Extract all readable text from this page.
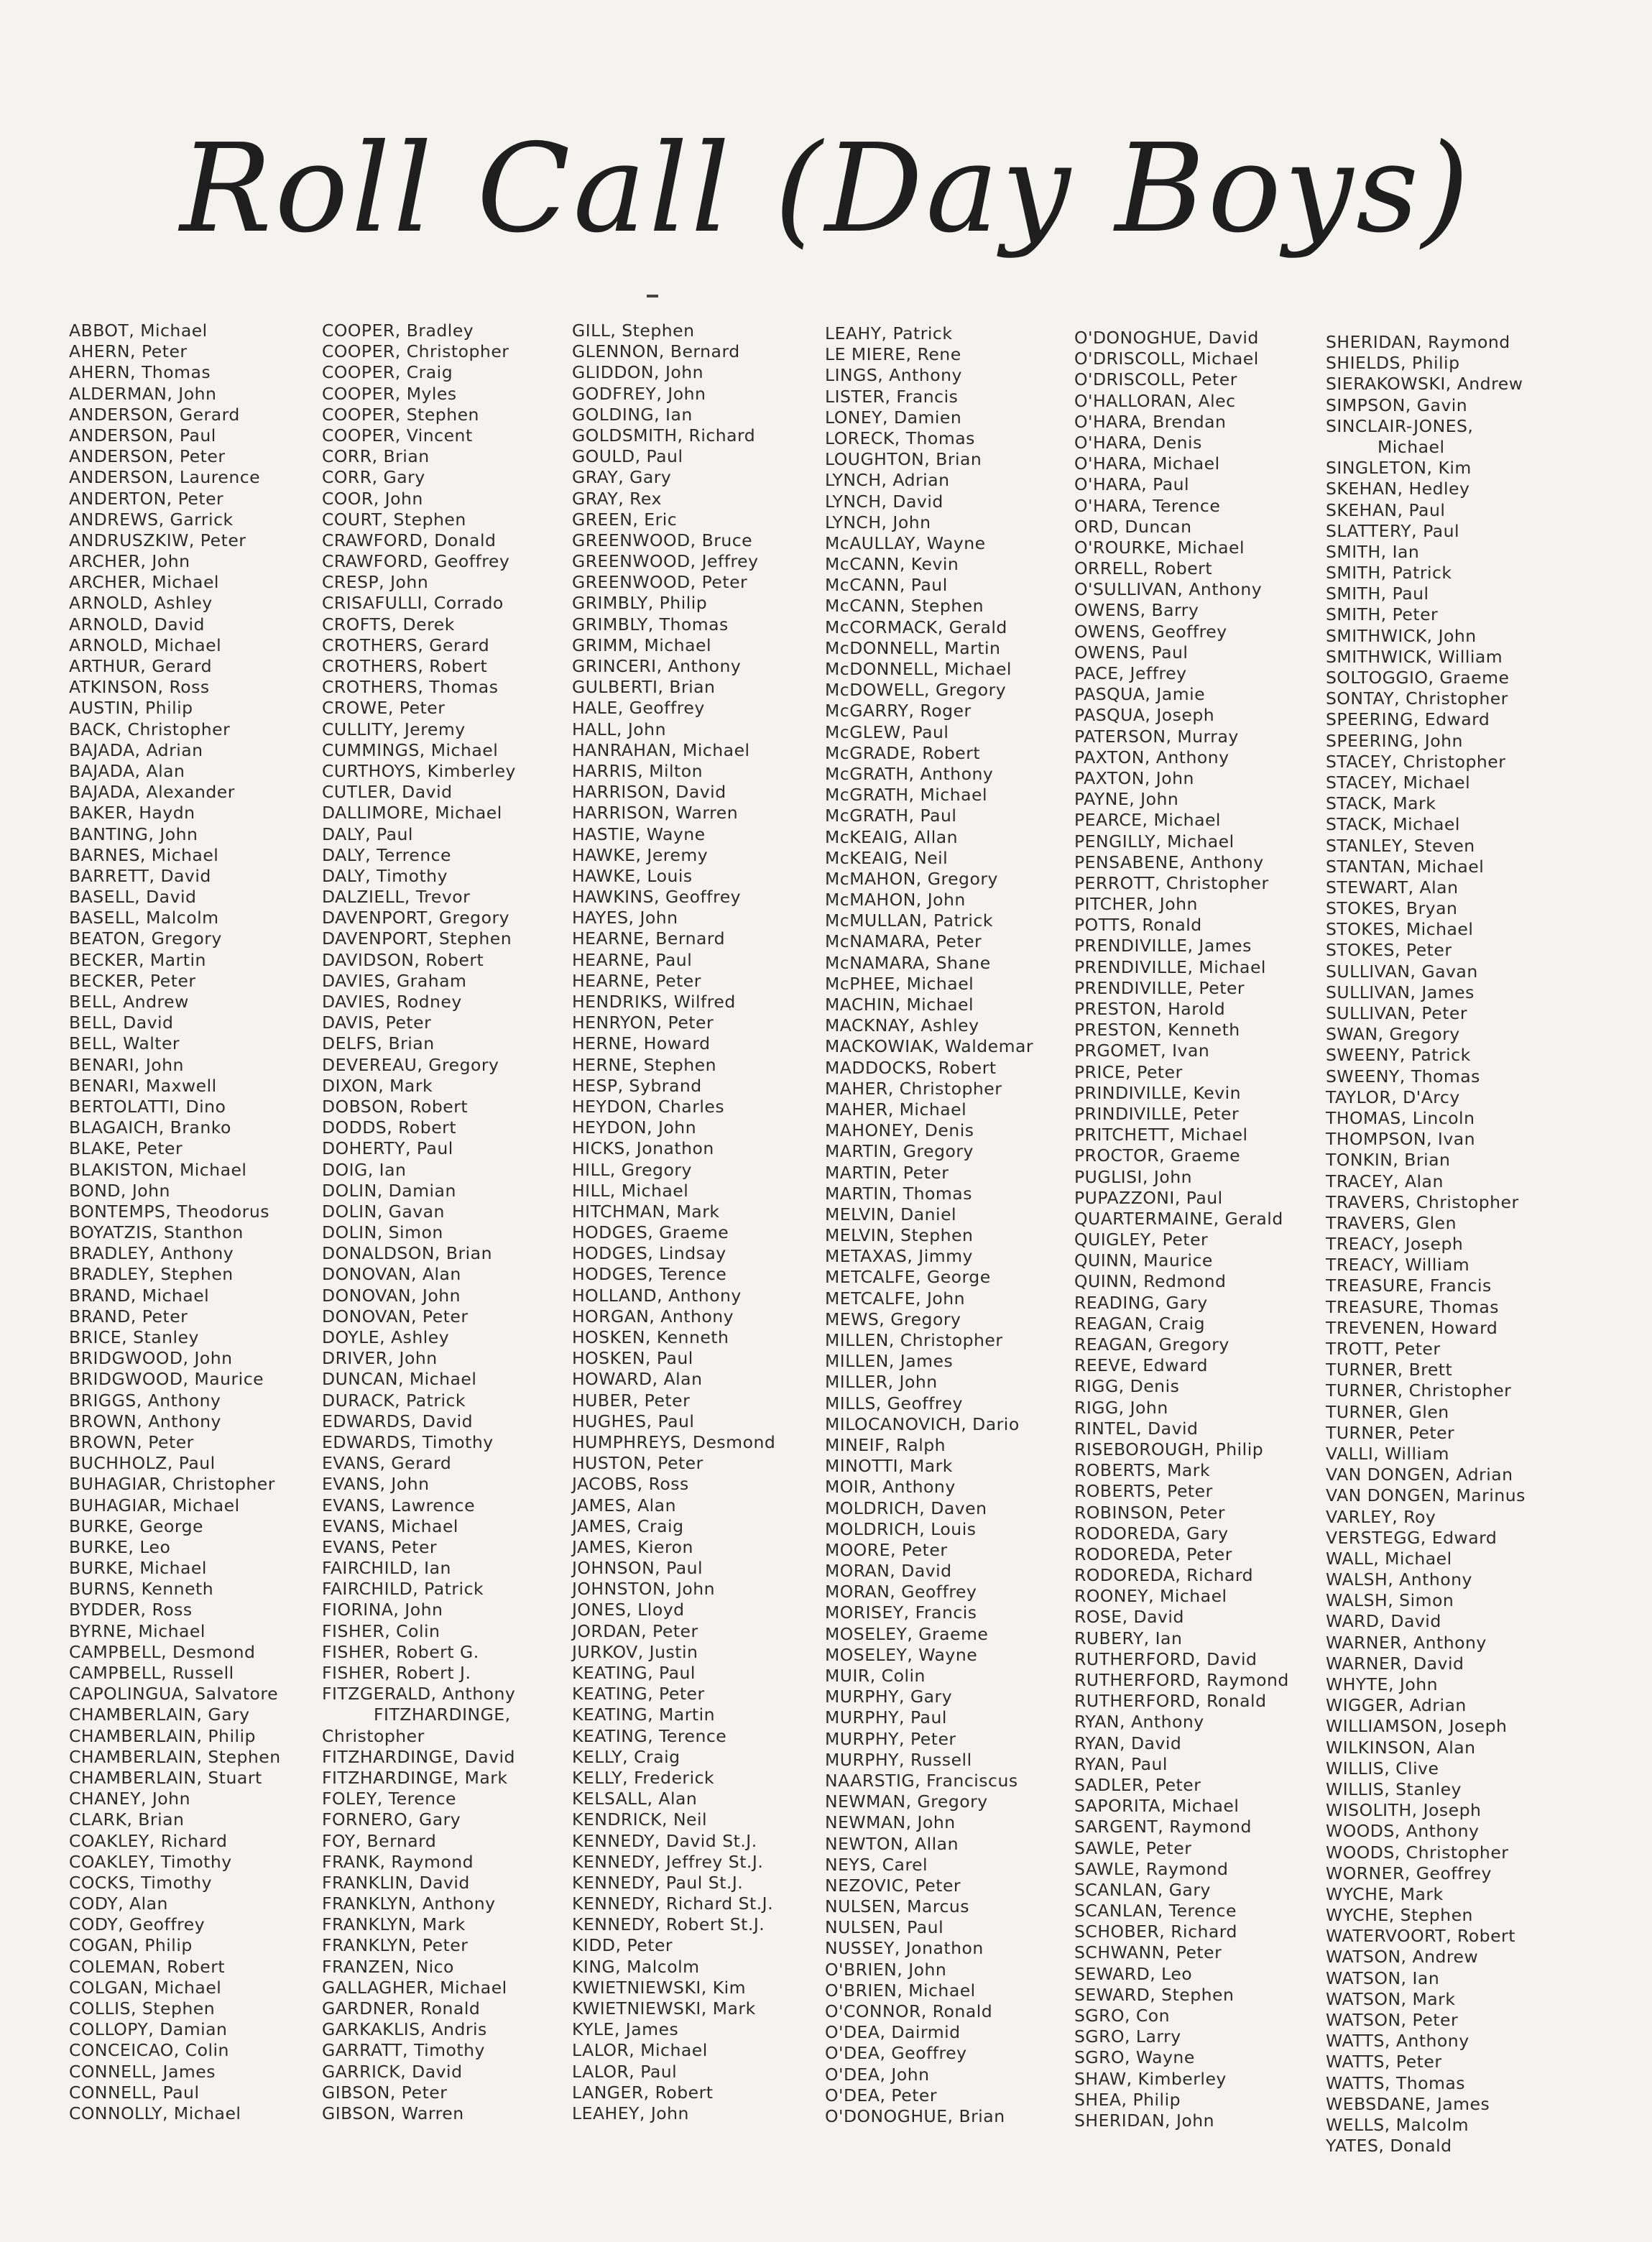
Roll Call (Day Boys)
ABBOT, Michael
AHERN, Peter
AHERN, Thomas
ALDERMAN, John
ANDERSON, Gerard
ANDERSON, Paul
ANDERSON, Peter
ANDERSON, Laurence
ANDERTON, Peter
ANDREWS, Garrick
ANDRUSZKIW, Peter
ARCHER, John
ARCHER, Michael
ARNOLD, Ashley
ARNOLD, David
ARNOLD, Michael
ARTHUR, Gerard
ATKINSON, Ross
AUSTIN, Philip
BACK, Christopher
BAJADA, Adrian
BAJADA, Alan
BAJADA, Alexander
BAKER, Haydn
BANTING, John
BARNES, Michael
BARRETT, David
BASELL, David
BASELL, Malcolm
BEATON, Gregory
BECKER, Martin
BECKER, Peter
BELL, Andrew
BELL, David
BELL, Walter
BENARI, John
BENARI, Maxwell
BERTOLATTI, Dino
BLAGAICH, Branko
BLAKE, Peter
BLAKISTON, Michael
BOND, John
BONTEMPS, Theodorus
BOYATZIS, Stanthon
BRADLEY, Anthony
BRADLEY, Stephen
BRAND, Michael
BRAND, Peter
BRICE, Stanley
BRIDGWOOD, John
BRIDGWOOD, Maurice
BRIGGS, Anthony
BROWN, Anthony
BROWN, Peter
BUCHHOLZ, Paul
BUHAGIAR, Christopher
BUHAGIAR, Michael
BURKE, George
BURKE, Leo
BURKE, Michael
BURNS, Kenneth
BYDDER, Ross
BYRNE, Michael
CAMPBELL, Desmond
CAMPBELL, Russell
CAPOLINGUA, Salvatore
CHAMBERLAIN, Gary
CHAMBERLAIN, Philip
CHAMBERLAIN, Stephen
CHAMBERLAIN, Stuart
CHANEY, John
CLARK, Brian
COAKLEY, Richard
COAKLEY, Timothy
COCKS, Timothy
CODY, Alan
CODY, Geoffrey
COGAN, Philip
COLEMAN, Robert
COLGAN, Michael
COLLIS, Stephen
COLLOPY, Damian
CONCEICAO, Colin
CONNELL, James
CONNELL, Paul
CONNOLLY, Michael
COOPER, Bradley
COOPER, Christopher
COOPER, Craig
COOPER, Myles
COOPER, Stephen
COOPER, Vincent
CORR, Brian
CORR, Gary
COOR, John
COURT, Stephen
CRAWFORD, Donald
CRAWFORD, Geoffrey
CRESP, John
CRISAFULLI, Corrado
CROFTS, Derek
CROTHERS, Gerard
CROTHERS, Robert
CROTHERS, Thomas
CROWE, Peter
CULLITY, Jeremy
CUMMINGS, Michael
CURTHOYS, Kimberley
CUTLER, David
DALLIMORE, Michael
DALY, Paul
DALY, Terrence
DALY, Timothy
DALZIELL, Trevor
DAVENPORT, Gregory
DAVENPORT, Stephen
DAVIDSON, Robert
DAVIES, Graham
DAVIES, Rodney
DAVIS, Peter
DELFS, Brian
DEVEREAU, Gregory
DIXON, Mark
DOBSON, Robert
DODDS, Robert
DOHERTY, Paul
DOIG, Ian
DOLIN, Damian
DOLIN, Gavan
DOLIN, Simon
DONALDSON, Brian
DONOVAN, Alan
DONOVAN, John
DONOVAN, Peter
DOYLE, Ashley
DRIVER, John
DUNCAN, Michael
DURACK, Patrick
EDWARDS, David
EDWARDS, Timothy
EVANS, Gerard
EVANS, John
EVANS, Lawrence
EVANS, Michael
EVANS, Peter
FAIRCHILD, Ian
FAIRCHILD, Patrick
FIORINA, John
FISHER, Colin
FISHER, Robert G.
FISHER, Robert J.
FITZGERALD, Anthony
FITZHARDINGE,
Christopher
FITZHARDINGE, David
FITZHARDINGE, Mark
FOLEY, Terence
FORNERO, Gary
FOY, Bernard
FRANK, Raymond
FRANKLIN, David
FRANKLYN, Anthony
FRANKLYN, Mark
FRANKLYN, Peter
FRANZEN, Nico
GALLAGHER, Michael
GARDNER, Ronald
GARKAKLIS, Andris
GARRATT, Timothy
GARRICK, David
GIBSON, Peter
GIBSON, Warren
GILL, Stephen
GLENNON, Bernard
GLIDDON, John
GODFREY, John
GOLDING, Ian
GOLDSMITH, Richard
GOULD, Paul
GRAY, Gary
GRAY, Rex
GREEN, Eric
GREENWOOD, Bruce
GREENWOOD, Jeffrey
GREENWOOD, Peter
GRIMBLY, Philip
GRIMBLY, Thomas
GRIMM, Michael
GRINCERI, Anthony
GULBERTI, Brian
HALE, Geoffrey
HALL, John
HANRAHAN, Michael
HARRIS, Milton
HARRISON, David
HARRISON, Warren
HASTIE, Wayne
HAWKE, Jeremy
HAWKE, Louis
HAWKINS, Geoffrey
HAYES, John
HEARNE, Bernard
HEARNE, Paul
HEARNE, Peter
HENDRIKS, Wilfred
HENRYON, Peter
HERNE, Howard
HERNE, Stephen
HESP, Sybrand
HEYDON, Charles
HEYDON, John
HICKS, Jonathon
HILL, Gregory
HILL, Michael
HITCHMAN, Mark
HODGES, Graeme
HODGES, Lindsay
HODGES, Terence
HOLLAND, Anthony
HORGAN, Anthony
HOSKEN, Kenneth
HOSKEN, Paul
HOWARD, Alan
HUBER, Peter
HUGHES, Paul
HUMPHREYS, Desmond
HUSTON, Peter
JACOBS, Ross
JAMES, Alan
JAMES, Craig
JAMES, Kieron
JOHNSON, Paul
JOHNSTON, John
JONES, Lloyd
JORDAN, Peter
JURKOV, Justin
KEATING, Paul
KEATING, Peter
KEATING, Martin
KEATING, Terence
KELLY, Craig
KELLY, Frederick
KELSALL, Alan
KENDRICK, Neil
KENNEDY, David St.J.
KENNEDY, Jeffrey St.J.
KENNEDY, Paul St.J.
KENNEDY, Richard St.J.
KENNEDY, Robert St.J.
KIDD, Peter
KING, Malcolm
KWIETNIEWSKI, Kim
KWIETNIEWSKI, Mark
KYLE, James
LALOR, Michael
LALOR, Paul
LANGER, Robert
LEAHEY, John
LEAHY, Patrick
LE MIERE, Rene
LINGS, Anthony
LISTER, Francis
LONEY, Damien
LORECK, Thomas
LOUGHTON, Brian
LYNCH, Adrian
LYNCH, David
LYNCH, John
McAULLAY, Wayne
McCANN, Kevin
McCANN, Paul
McCANN, Stephen
McCORMACK, Gerald
McDONNELL, Martin
McDONNELL, Michael
McDOWELL, Gregory
McGARRY, Roger
McGLEW, Paul
McGRADE, Robert
McGRATH, Anthony
McGRATH, Michael
McGRATH, Paul
McKEAIG, Allan
McKEAIG, Neil
McMAHON, Gregory
McMAHON, John
McMULLAN, Patrick
McNAMARA, Peter
McNAMARA, Shane
McPHEE, Michael
MACHIN, Michael
MACKNAY, Ashley
MACKOWIAK, Waldemar
MADDOCKS, Robert
MAHER, Christopher
MAHER, Michael
MAHONEY, Denis
MARTIN, Gregory
MARTIN, Peter
MARTIN, Thomas
MELVIN, Daniel
MELVIN, Stephen
METAXAS, Jimmy
METCALFE, George
METCALFE, John
MEWS, Gregory
MILLEN, Christopher
MILLEN, James
MILLER, John
MILLS, Geoffrey
MILOCANOVICH, Dario
MINEIF, Ralph
MINOTTI, Mark
MOIR, Anthony
MOLDRICH, Daven
MOLDRICH, Louis
MOORE, Peter
MORAN, David
MORAN, Geoffrey
MORISEY, Francis
MOSELEY, Graeme
MOSELEY, Wayne
MUIR, Colin
MURPHY, Gary
MURPHY, Paul
MURPHY, Peter
MURPHY, Russell
NAARSTIG, Franciscus
NEWMAN, Gregory
NEWMAN, John
NEWTON, Allan
NEYS, Carel
NEZOVIC, Peter
NULSEN, Marcus
NULSEN, Paul
NUSSEY, Jonathon
O'BRIEN, John
O'BRIEN, Michael
O'CONNOR, Ronald
O'DEA, Dairmid
O'DEA, Geoffrey
O'DEA, John
O'DEA, Peter
O'DONOGHUE, Brian
O'DONOGHUE, David
O'DRISCOLL, Michael
O'DRISCOLL, Peter
O'HALLORAN, Alec
O'HARA, Brendan
O'HARA, Denis
O'HARA, Michael
O'HARA, Paul
O'HARA, Terence
ORD, Duncan
O'ROURKE, Michael
ORRELL, Robert
O'SULLIVAN, Anthony
OWENS, Barry
OWENS, Geoffrey
OWENS, Paul
PACE, Jeffrey
PASQUA, Jamie
PASQUA, Joseph
PATERSON, Murray
PAXTON, Anthony
PAXTON, John
PAYNE, John
PEARCE, Michael
PENGILLY, Michael
PENSABENE, Anthony
PERROTT, Christopher
PITCHER, John
POTTS, Ronald
PRENDIVILLE, James
PRENDIVILLE, Michael
PRENDIVILLE, Peter
PRESTON, Harold
PRESTON, Kenneth
PRGOMET, Ivan
PRICE, Peter
PRINDIVILLE, Kevin
PRINDIVILLE, Peter
PRITCHETT, Michael
PROCTOR, Graeme
PUGLISI, John
PUPAZZONI, Paul
QUARTERMAINE, Gerald
QUIGLEY, Peter
QUINN, Maurice
QUINN, Redmond
READING, Gary
REAGAN, Craig
REAGAN, Gregory
REEVE, Edward
RIGG, Denis
RIGG, John
RINTEL, David
RISEBOROUGH, Philip
ROBERTS, Mark
ROBERTS, Peter
ROBINSON, Peter
RODOREDA, Gary
RODOREDA, Peter
RODOREDA, Richard
ROONEY, Michael
ROSE, David
RUBERY, Ian
RUTHERFORD, David
RUTHERFORD, Raymond
RUTHERFORD, Ronald
RYAN, Anthony
RYAN, David
RYAN, Paul
SADLER, Peter
SAPORITA, Michael
SARGENT, Raymond
SAWLE, Peter
SAWLE, Raymond
SCANLAN, Gary
SCANLAN, Terence
SCHOBER, Richard
SCHWANN, Peter
SEWARD, Leo
SEWARD, Stephen
SGRO, Con
SGRO, Larry
SGRO, Wayne
SHAW, Kimberley
SHEA, Philip
SHERIDAN, John
SHERIDAN, Raymond
SHIELDS, Philip
SIERAKOWSKI, Andrew
SIMPSON, Gavin
SINCLAIR-JONES,
Michael
SINGLETON, Kim
SKEHAN, Hedley
SKEHAN, Paul
SLATTERY, Paul
SMITH, Ian
SMITH, Patrick
SMITH, Paul
SMITH, Peter
SMITHWICK, John
SMITHWICK, William
SOLTOGGIO, Graeme
SONTAY, Christopher
SPEERING, Edward
SPEERING, John
STACEY, Christopher
STACEY, Michael
STACK, Mark
STACK, Michael
STANLEY, Steven
STANTAN, Michael
STEWART, Alan
STOKES, Bryan
STOKES, Michael
STOKES, Peter
SULLIVAN, Gavan
SULLIVAN, James
SULLIVAN, Peter
SWAN, Gregory
SWEENY, Patrick
SWEENY, Thomas
TAYLOR, D'Arcy
THOMAS, Lincoln
THOMPSON, Ivan
TONKIN, Brian
TRACEY, Alan
TRAVERS, Christopher
TRAVERS, Glen
TREACY, Joseph
TREACY, William
TREASURE, Francis
TREASURE, Thomas
TREVENEN, Howard
TROTT, Peter
TURNER, Brett
TURNER, Christopher
TURNER, Glen
TURNER, Peter
VALLI, William
VAN DONGEN, Adrian
VAN DONGEN, Marinus
VARLEY, Roy
VERSTEGG, Edward
WALL, Michael
WALSH, Anthony
WALSH, Simon
WARD, David
WARNER, Anthony
WARNER, David
WHYTE, John
WIGGER, Adrian
WILLIAMSON, Joseph
WILKINSON, Alan
WILLIS, Clive
WILLIS, Stanley
WISOLITH, Joseph
WOODS, Anthony
WOODS, Christopher
WORNER, Geoffrey
WYCHE, Mark
WYCHE, Stephen
WATERVOORT, Robert
WATSON, Andrew
WATSON, Ian
WATSON, Mark
WATSON, Peter
WATTS, Anthony
WATTS, Peter
WATTS, Thomas
WEBSDANE, James
WELLS, Malcolm
YATES, Donald
